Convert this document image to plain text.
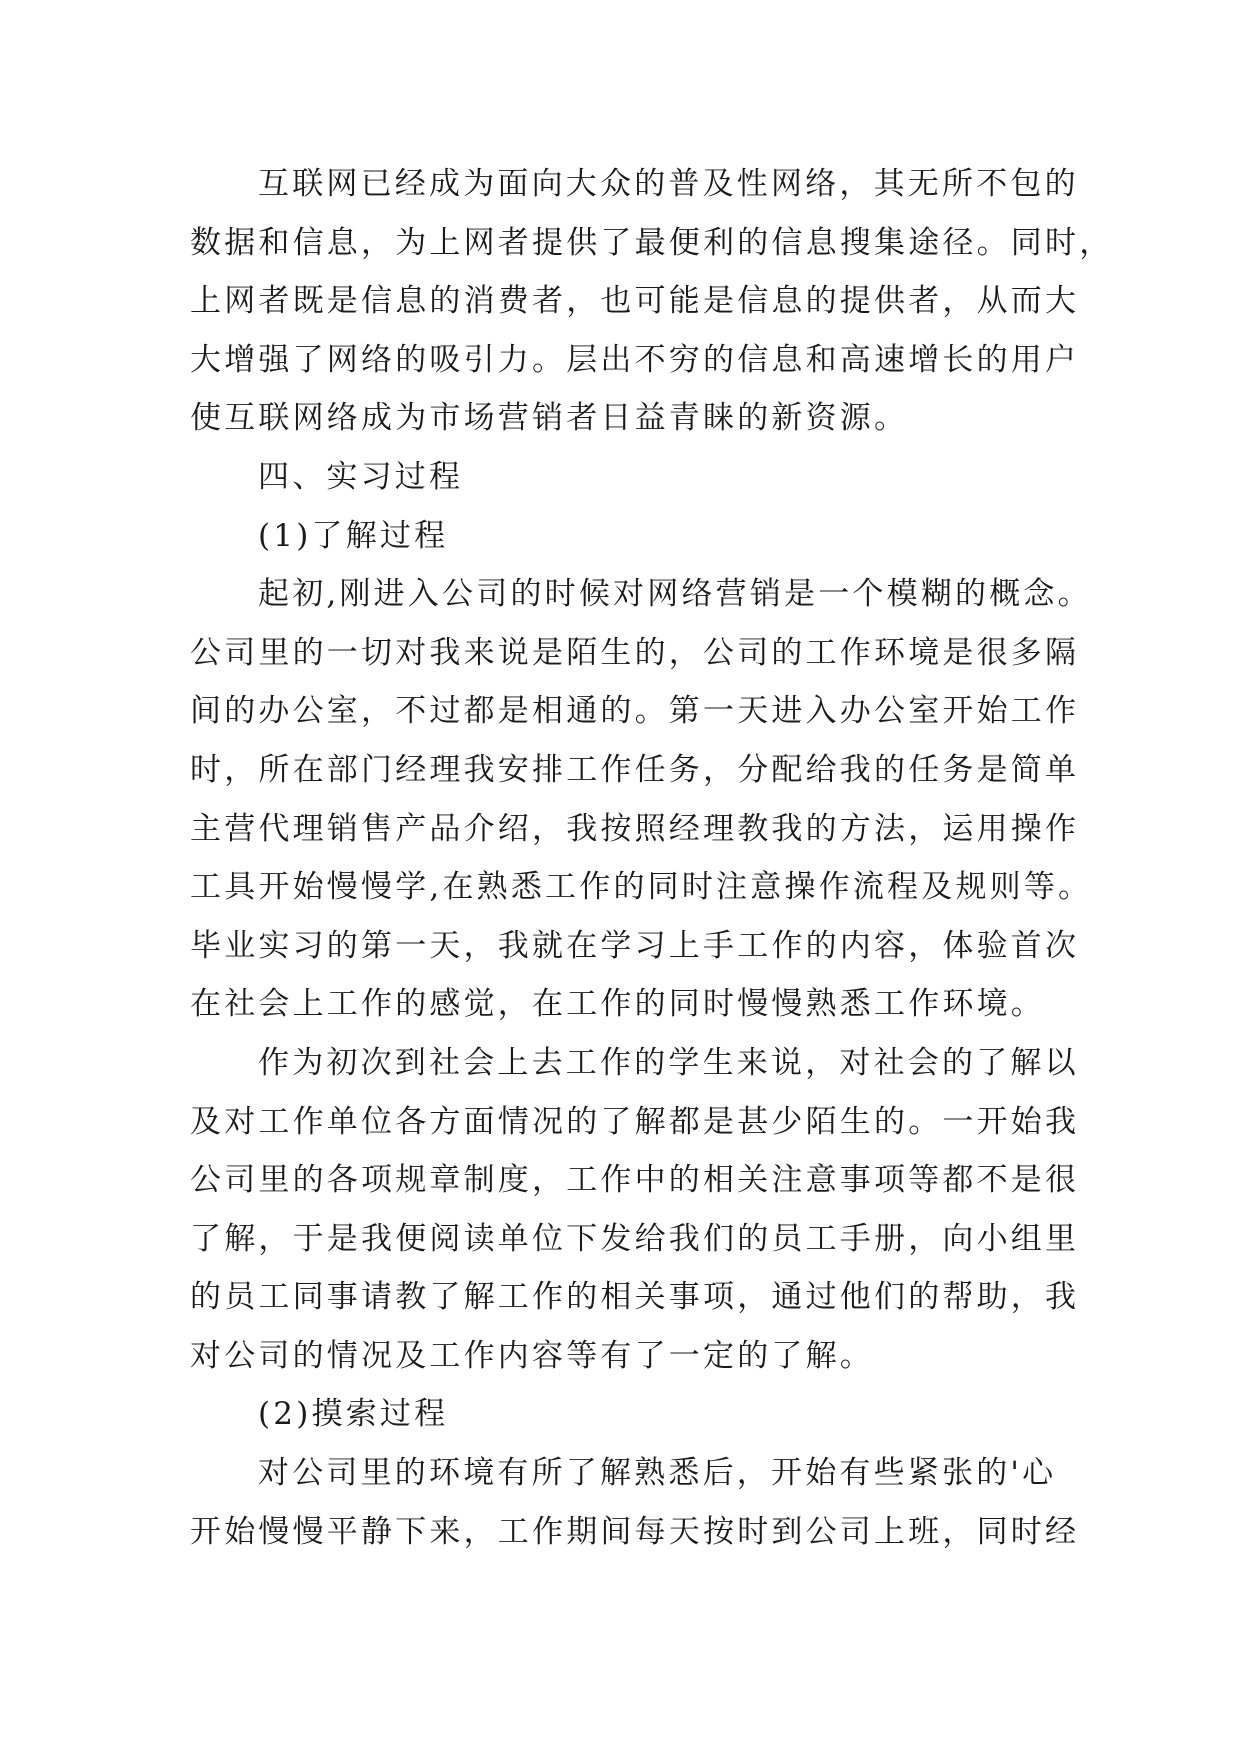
互联网已经成为面向大众的普及性网络，其无所不包的
数据和信息，为上网者提供了最便利的信息搜集途径。同时，
上网者既是信息的消费者，也可能是信息的提供者，从而大
大增强了网络的吸引力。层出不穷的信息和高速增长的用户
使互联网络成为市场营销者日益青睐的新资源。
四、实习过程
(1)了解过程
起初,刚进入公司的时候对网络营销是一个模糊的概念。
公司里的一切对我来说是陌生的，公司的工作环境是很多隔
间的办公室，不过都是相通的。第一天进入办公室开始工作
时，所在部门经理我安排工作任务，分配给我的任务是简单
主营代理销售产品介绍，我按照经理教我的方法，运用操作
工具开始慢慢学,在熟悉工作的同时注意操作流程及规则等。
毕业实习的第一天，我就在学习上手工作的内容，体验首次
在社会上工作的感觉，在工作的同时慢慢熟悉工作环境。
作为初次到社会上去工作的学生来说，对社会的了解以
及对工作单位各方面情况的了解都是甚少陌生的。一开始我
公司里的各项规章制度，工作中的相关注意事项等都不是很
了解，于是我便阅读单位下发给我们的员工手册，向小组里
的员工同事请教了解工作的相关事项，通过他们的帮助，我
对公司的情况及工作内容等有了一定的了解。
(2)摸索过程
对公司里的环境有所了解熟悉后，开始有些紧张的'心
开始慢慢平静下来，工作期间每天按时到公司上班，同时经
